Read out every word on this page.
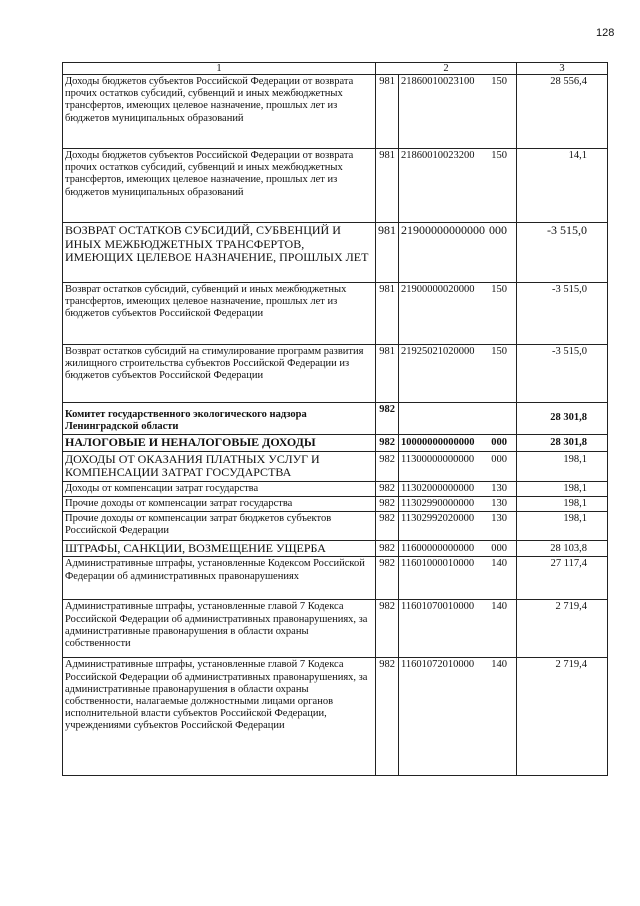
128
1	2		3
Доходы бюджетов субъектов Российской Федерации от возврата прочих остатков субсидий, субвенций и иных межбюджетных трансфертов, имеющих целевое назначение, прошлых лет из бюджетов муниципальных образований	981	21860010023100 150	28 556,4
Доходы бюджетов субъектов Российской Федерации от возврата прочих остатков субсидий, субвенций и иных межбюджетных трансфертов, имеющих целевое назначение, прошлых лет из бюджетов муниципальных образований	981	21860010023200 150	14,1
ВОЗВРАТ ОСТАТКОВ СУБСИДИЙ, СУБВЕНЦИЙ И ИНЫХ МЕЖБЮДЖЕТНЫХ ТРАНСФЕРТОВ, ИМЕЮЩИХ ЦЕЛЕВОЕ НАЗНАЧЕНИЕ, ПРОШЛЫХ ЛЕТ	981	21900000000000 000	-3 515,0
Возврат остатков субсидий, субвенций и иных межбюджетных трансфертов, имеющих целевое назначение, прошлых лет из бюджетов субъектов Российской Федерации	981	21900000020000 150	-3 515,0
Возврат остатков субсидий на стимулирование программ развития жилищного строительства субъектов Российской Федерации из бюджетов субъектов Российской Федерации	981	21925021020000 150	-3 515,0
Комитет государственного экологического надзора Ленинградской области	982		28 301,8
НАЛОГОВЫЕ И НЕНАЛОГОВЫЕ ДОХОДЫ	982	10000000000000 000	28 301,8
ДОХОДЫ ОТ ОКАЗАНИЯ ПЛАТНЫХ УСЛУГ И КОМПЕНСАЦИИ ЗАТРАТ ГОСУДАРСТВА	982	11300000000000 000	198,1
Доходы от компенсации затрат государства	982	11302000000000 130	198,1
Прочие доходы от компенсации затрат государства	982	11302990000000 130	198,1
Прочие доходы от компенсации затрат бюджетов субъектов Российской Федерации	982	11302992020000 130	198,1
ШТРАФЫ, САНКЦИИ, ВОЗМЕЩЕНИЕ УЩЕРБА	982	11600000000000 000	28 103,8
Административные штрафы, установленные Кодексом Российской Федерации об административных правонарушениях	982	11601000010000 140	27 117,4
Административные штрафы, установленные главой 7 Кодекса Российской Федерации об административных правонарушениях, за административные правонарушения в области охраны собственности	982	11601070010000 140	2 719,4
Административные штрафы, установленные главой 7 Кодекса Российской Федерации об административных правонарушениях, за административные правонарушения в области охраны собственности, налагаемые должностными лицами органов исполнительной власти субъектов Российской Федерации, учреждениями субъектов Российской Федерации	982	11601072010000 140	2 719,4
